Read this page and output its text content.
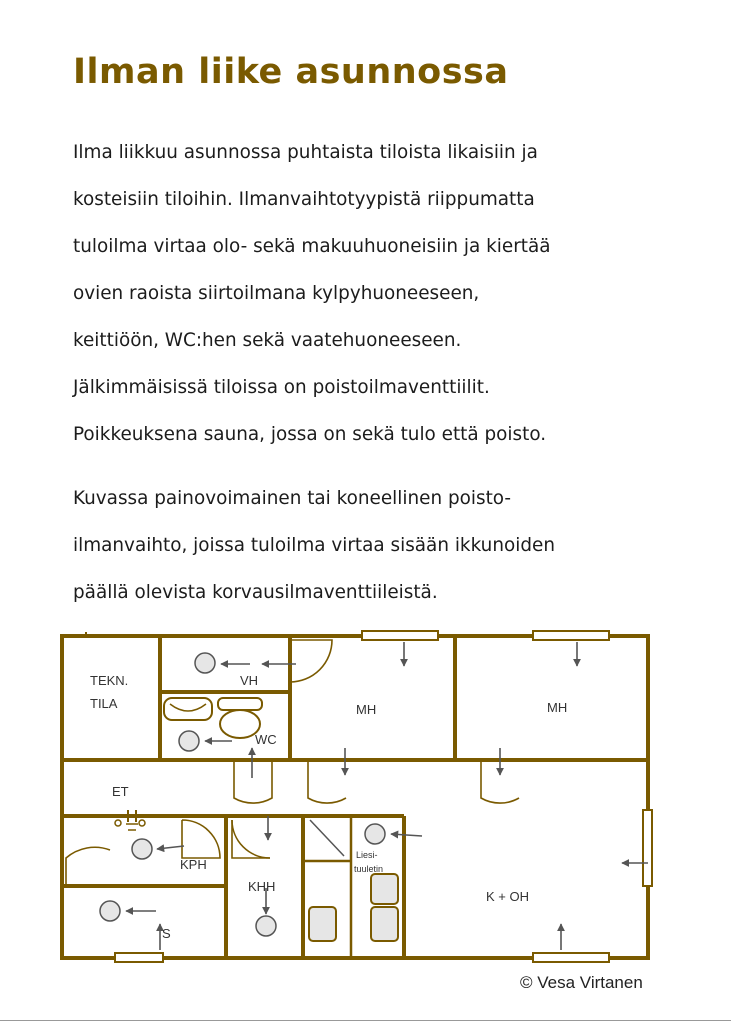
Ilman liike asunnossa
Ilma liikkuu asunnossa puhtaista tiloista likaisiin ja
kosteisiin tiloihin. Ilmanvaihtotyypistä riippumatta
tuloilma virtaa olo- sekä makuuhuoneisiin ja kiertää
ovien raoista siirtoilmana kylpyhuoneeseen,
keittiöön, WC:hen sekä vaatehuoneeseen.
Jälkimmäisissä tiloissa on poistoilmaventtiilit.
Poikkeuksena sauna, jossa on sekä tulo että poisto.
Kuvassa painovoimainen tai koneellinen poisto-
ilmanvaihto, joissa tuloilma virtaa sisään ikkunoiden
päällä olevista korvausilmaventtiileistä.
TEKN.
TILA
VH
WC
MH	MH
ET
KPH
KHH
S
K + OH
Liesi-
tuuletin
© Vesa Virtanen
